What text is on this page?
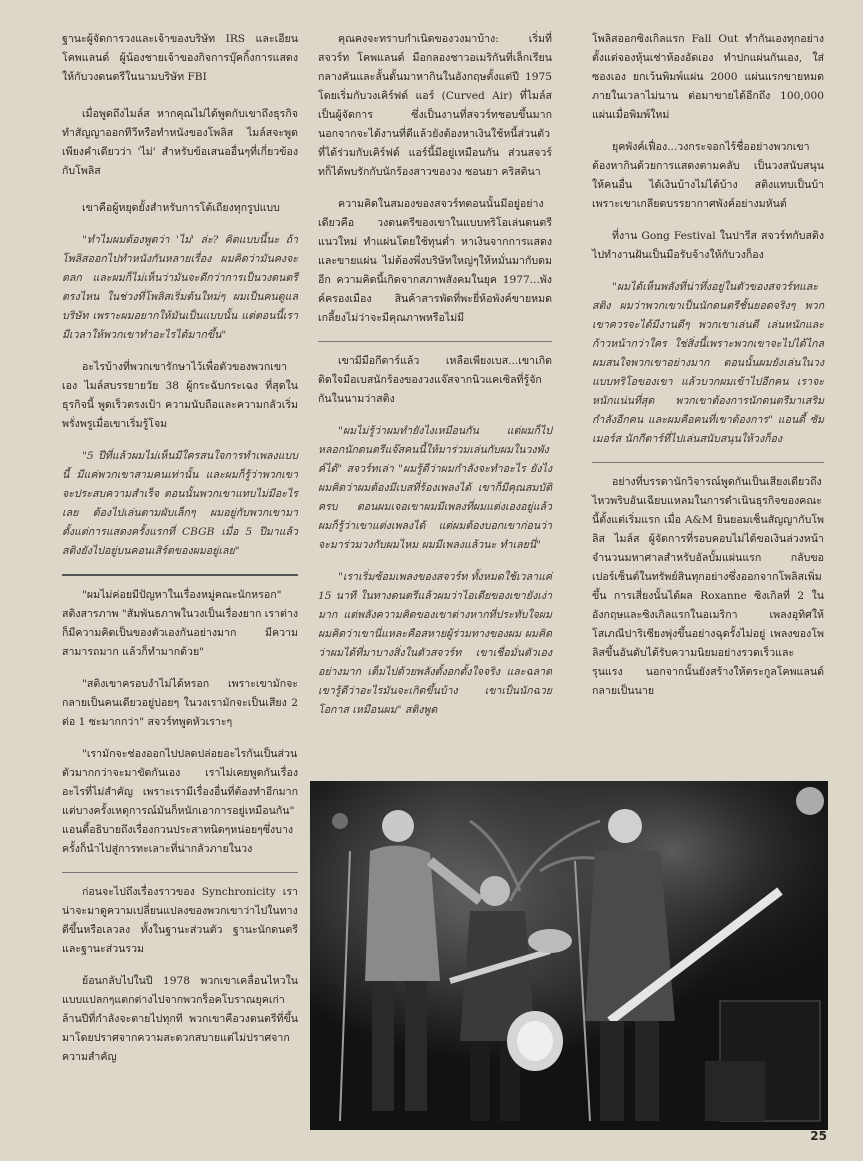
ฐานะผู้จัดการวงและเจ้าของบริษัท IRS และเอียน โคพแลนด์ ผู้น้องชายเจ้าของกิจการบุ๊คกิ้งการแสดงให้กับวงดนตรีในนามบริษัท FBI

เมื่อพูดถึงไมล์ส หากคุณไม่ได้พูดกับเขาถึงธุรกิจทำสัญญาออกทีวีหรือทำหนังของโพลิส ไมล์สจะพูดเพียงคำเดียวว่า 'ไม่' สำหรับข้อเสนออื่นๆที่เกี่ยวข้องกับโพลิส

เขาคือผู้หยุดยั้งสำหรับการโต้เถียงทุกรูปแบบ

"ทำไมผมต้องพูดว่า 'ไม่' ล่ะ? คิดแบบนี้นะ ถ้าโพลิสออกไปทำหนังกันหลายเรื่อง ผมคิดว่ามันคงจะตลก และผมก็ไม่เห็นว่ามันจะดีกว่าการเป็นวงดนตรีตรงไหน ในช่วงที่โพลิสเริ่มต้นใหม่ๆ ผมเป็นคนดูแลบริษัท เพราะผมอยากให้มันเป็นแบบนั้น แต่ตอนนี้เรามีเวลาให้พวกเขาทำอะไรได้มากขึ้น"

อะไรบ้างที่พวกเขารักษาไว้เพื่อตัวของพวกเขาเอง ไมล์สบรรยายวัย 38 ผู้กระฉับกระเฉง ที่สุดในธุรกิจนี้ พูดเร็วตรงเป้า ความนับถือและความกลัวเริ่มพรั่งพรูเมื่อเขาเริ่มรู้โจม

"5 ปีที่แล้วผมไม่เห็นมีใครสนใจการทำเพลงแบบนี้ มีแค่พวกเขาสามคนเท่านั้น และผมก็รู้ว่าพวกเขาจะประสบความสำเร็จ ตอนนั้นพวกเขาแทบไม่มีอะไรเลย ต้องไปเล่นตามผับเล็กๆ ผมอยู่กับพวกเขามาตั้งแต่การแสดงครั้งแรกที่ CBGB เมื่อ 5 ปีมาแล้ว สติงยังไปอยู่บนคอนเสิร์ตของผมอยู่เลย"

"ผมไม่ค่อยมีปัญหาในเรื่องหมู่คณะนักหรอก" สติงสารภาพ "สัมพันธภาพในวงเป็นเรื่องยาก เราต่างก็มีความคิดเป็นของตัวเองกันอย่างมาก มีความสามารถมาก แล้วก็ทำมากด้วย"

"สติงเขาครอบงำไม่ได้หรอก เพราะเขามักจะกลายเป็นคนเดียวอยู่บ่อยๆ ในวงเรามักจะเป็นเสียง 2 ต่อ 1 ซะมากกว่า" สจวร์ทพูดหัวเราะๆ

"เรามักจะช่องออกไปปลดปล่อยอะไรกันเป็นส่วนตัวมากกว่าจะมาขัดกันเอง เราไม่เคยพูดกันเรื่องอะไรที่ไม่สำคัญ เพราะเรามีเรื่องอื่นที่ต้องทำอีกมาก แต่บางครั้งเหตุการณ์มันก็หนักเอาการอยู่เหมือนกัน" แอนดี้อธิบายถึงเรื่องกวนประสาทนิดๆหน่อยๆซึ่งบางครั้งก็นำไปสู่การทะเลาะที่น่ากลัวภายในวง

ก่อนจะไปถึงเรื่องราวของ Synchronicity เราน่าจะมาดูความเปลี่ยนแปลงของพวกเขาว่าไปในทางดีขึ้นหรือเลวลง ทั้งในฐานะส่วนตัว ฐานะนักดนตรีและฐานะส่วนรวม

ย้อนกลับไปในปี 1978 พวกเขาเคลื่อนไหวในแบบแปลกๆแตกต่างไปจากพวกร็อคโบราณยุคเก่าล้านปีที่กำลังจะตายไปทุกที พวกเขาคือวงดนตรีที่ขึ้นมาโดยปราศจากความสะดวกสบายแต่ไม่ปราศจากความสำคัญ

คุณคงจะทราบกำเนิดของวงมาบ้าง: เริ่มที่ สจวร์ท โคพแลนด์ มือกลองชาวอเมริกันที่เล็กเรียนกลางคันและลั้นดั้นมาหากินในอังกฤษตั้งแต่ปี 1975 โดยเริ่มกับวงเคิร์ฟด์ แอร์ (Curved Air) ที่ไมล์สเป็นผู้จัดการ ซึ่งเป็นงานที่สจวร์ทชอบขึ้นมาก นอกจากจะได้งานที่ดีแล้วยังต้องหาเงินใช้หนี้ส่วนตัวที่ได้ร่วมกับเคิร์ฟด์ แอร์นี้มีอยู่เหมือนกัน ส่วนสจวร์ทก็ได้พบรักกับนักร้องสาวของวง ซอนยา คริสตินา

ความคิดในสมองของสจวร์ทตอนนั้นมีอยู่อย่างเดียวคือ วงดนตรีของเขาในแบบทริโอเล่นดนตรีแนวใหม่ ทำแผ่นโดยใช้ทุนต่ำ หาเงินจากการแสดงและขายแผ่น ไม่ต้องพึ่งบริษัทใหญ่ๆให้หมั่นมากับดมอีก ความคิดนี้เกิดจากสภาพสังคมในยุค 1977...พังค์ครองเมือง สินค้าสารพัดที่พะยี่ห้อพังค์ขายหมดเกลี้ยงไม่ว่าจะมีคุณภาพหรือไม่มี

เขามีมือกีตาร์แล้ว เหลือเพียงเบส...เขาเกิดติดใจมือเบสนักร้องของวงแจ๊สจากนิวแคเซิลที่รู้จักกันในนามว่าสติง

"ผมไม่รู้ว่าผมทำยังไงเหมือนกัน แต่ผมก็ไปหลอกนักดนตรีแจ๊สคนนี้ให้มาร่วมเล่นกับผมในวงพังค์ได้" สจวร์ทเล่า "ผมรู้ดีว่าผมกำลังจะทำอะไร ยังไงผมคิดว่าผมต้องมีเบสที่ร้องเพลงได้ เขาก็มีคุณสมบัติครบ ตอนผมเจอเขาผมมีเพลงที่ผมแต่งเองอยู่แล้ว ผมก็รู้ว่าเขาแต่งเพลงได้ แต่ผมต้องบอกเขาก่อนว่าจะมาร่วมวงกับผมไหม ผมมีเพลงแล้วนะ ทำเลยนี่"

"เราเริ่มซ้อมเพลงของสจวร์ท ทั้งหมดใช้เวลาแค่ 15 นาที ในทางดนตรีแล้วผมว่าไอเดียของเขายังเง่ามาก แต่พลังความคิดของเขาต่างหากที่ประทับใจผม ผมคิดว่าเขานี่แหละคือสหายผู้ร่วมทางของผม ผมคิดว่าผมได้ที่มาบางสิ่งในตัวสจวร์ท เขาเชื่อมั่นตัวเองอย่างมาก เต็มไปด้วยพลังตั้งอกตั้งใจจริง และฉลาด เขารู้ดีว่าอะไรมันจะเกิดขึ้นบ้าง เขาเป็นนักฉวยโอกาส เหมือนผม" สติงพูด

โพลิสออกซิงเกิลแรก Fall Out ทำกันเองทุกอย่าง ตั้งแต่จองหุ้นเช่าห้องอัดเอง ทำปกแผ่นกันเอง, ใส่ซองเอง ยกเว้นพิมพ์แผ่น 2000 แผ่นแรกขายหมดภายในเวลาไม่นาน ต่อมาขายได้อีกถึง 100,000 แผ่นเมื่อพิมพ์ใหม่

ยุคพังค์เฟื่อง...วงกระจอกไร้ชื่ออย่างพวกเขาต้องหากินด้วยการแสดงตามคลับ เป็นวงสนับสนุนให้คนอื่น ได้เงินบ้างไม่ได้บ้าง สติงแทบเป็นบ้าเพราะเขาเกลียดบรรยากาศพังค์อย่างมหันต์

ที่งาน Gong Festival ในปารีส สจวร์ทกับสติงไปทำงานฝันเป็นมือรับจ้างให้กับวงก็อง

"ผมได้เห็นพลังที่น่าทึ่งอยู่ในตัวของสจวร์ทและสติง ผมว่าพวกเขาเป็นนักดนตรีชั้นยอดจริงๆ พวกเขาควรจะได้มีงานดีๆ พวกเขาเล่นดี เล่นหนักและก้าวหน้ากว่าใคร ใช่สิ่งนี้เพราะพวกเขาจะไปได้ไกล ผมสนใจพวกเขาอย่างมาก ตอนนั้นผมยังเล่นในวงแบบทริโอของเขา แล้วบวกผมเข้าไปอีกคน เราจะหนักแน่นที่สุด พวกเขาต้องการนักดนตรีมาเสริมกำลังอีกคน และผมคือคนที่เขาต้องการ" แอนดี้ ซัมเมอร์ส นักกีตาร์ที่ไปเล่นสนับสนุนให้วงก็อง

อย่างที่บรรดานักวิจารณ์พูดกันเป็นเสียงเดียวถึงไหวพริบอันเฉียบแหลมในการดำเนินธุรกิจของคณะนี้ตั้งแต่เริ่มแรก เมื่อ A&M ยินยอมเซ็นสัญญากับโพลิส ไมล์ส ผู้จัดการที่รอบคอบไม่ได้ขอเงินล่วงหน้าจำนวนมหาศาลสำหรับอัลบั้มแผ่นแรก กลับขอเปอร์เซ็นต์ในทรัพย์สินทุกอย่างซึ่งออกจากโพลิสเพิ่มขึ้น การเสี่ยงนั้นได้ผล Roxanne ซิงเกิลที่ 2 ในอังกฤษและซิงเกิลแรกในอเมริกา เพลงอุทิศให้โสเภณีปาริเซียงพุ่งขึ้นอย่างฉุดรั้งไม่อยู่ เพลงของโพลิสขึ้นอันดับได้รับความนิยมอย่างรวดเร็วและรุนแรง นอกจากนั้นยังสร้างให้ตระกูลโคพแลนด์กลายเป็นนาย

25
